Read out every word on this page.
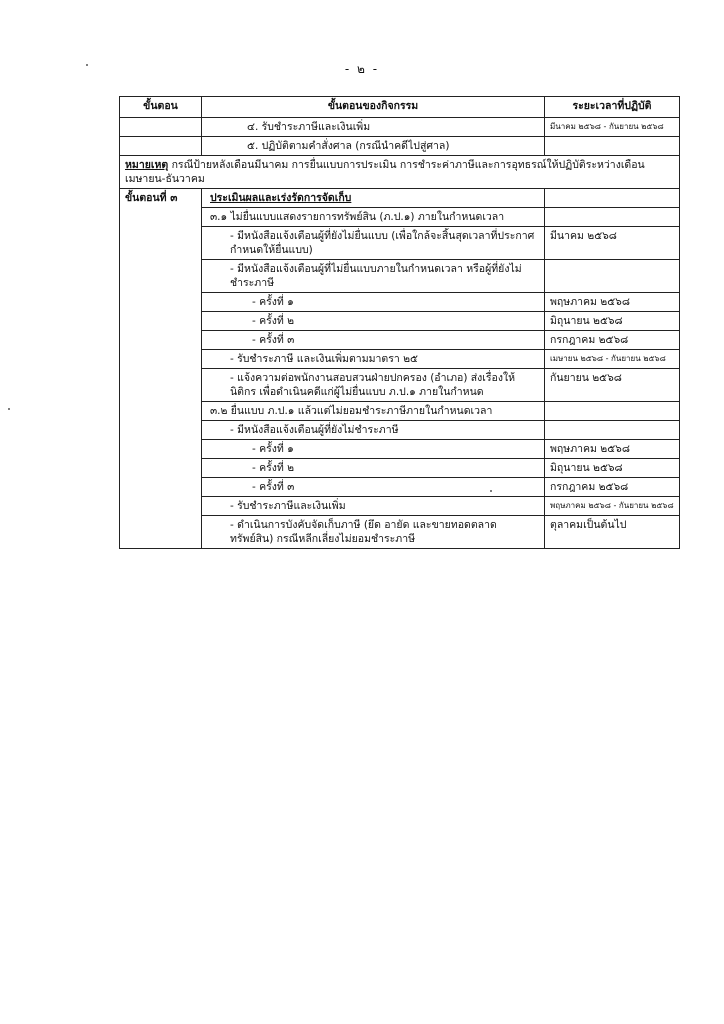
- ๒ -
ขั้นตอน	ขั้นตอนของกิจกรรม	ระยะเวลาที่ปฏิบัติ
	๔. รับชำระภาษีและเงินเพิ่ม	มีนาคม ๒๕๖๘ - กันยายน ๒๕๖๘
	๕. ปฏิบัติตามคำสั่งศาล (กรณีนำคดีไปสู่ศาล)	
หมายเหตุ กรณีป้ายหลังเดือนมีนาคม การยื่นแบบการประเมิน การชำระค่าภาษีและการอุทธรณ์ให้ปฏิบัติระหว่างเดือนเมษายน-ธันวาคม		
ขั้นตอนที่ ๓	ประเมินผลและเร่งรัดการจัดเก็บ	
	๓.๑ ไม่ยื่นแบบแสดงรายการทรัพย์สิน (ภ.ป.๑) ภายในกำหนดเวลา	
	- มีหนังสือแจ้งเตือนผู้ที่ยังไม่ยื่นแบบ (เพื่อใกล้จะสิ้นสุดเวลาที่ประกาศกำหนดให้ยื่นแบบ)	มีนาคม ๒๕๖๘
	- มีหนังสือแจ้งเตือนผู้ที่ไม่ยื่นแบบภายในกำหนดเวลา หรือผู้ที่ยังไม่ชำระภาษี	
	- ครั้งที่ ๑	พฤษภาคม ๒๕๖๘
	- ครั้งที่ ๒	มิถุนายน ๒๕๖๘
	- ครั้งที่ ๓	กรกฎาคม ๒๕๖๘
	- รับชำระภาษี และเงินเพิ่มตามมาตรา ๒๕	เมษายน ๒๕๖๘ - กันยายน ๒๕๖๘
	- แจ้งความต่อพนักงานสอบสวนฝ่ายปกครอง (อำเภอ) ส่งเรื่องให้นิติกร เพื่อดำเนินคดีแก่ผู้ไม่ยื่นแบบ ภ.ป.๑ ภายในกำหนด	กันยายน ๒๕๖๘
	๓.๒ ยื่นแบบ ภ.ป.๑ แล้วแต่ไม่ยอมชำระภาษีภายในกำหนดเวลา	
	- มีหนังสือแจ้งเตือนผู้ที่ยังไม่ชำระภาษี	
	- ครั้งที่ ๑	พฤษภาคม ๒๕๖๘
	- ครั้งที่ ๒	มิถุนายน ๒๕๖๘
	- ครั้งที่ ๓	กรกฎาคม ๒๕๖๘
	- รับชำระภาษีและเงินเพิ่ม	พฤษภาคม ๒๕๖๘ - กันยายน ๒๕๖๘
	- ดำเนินการบังคับจัดเก็บภาษี (ยึด อายัด และขายทอดตลาดทรัพย์สิน) กรณีหลีกเลี่ยงไม่ยอมชำระภาษี	ตุลาคมเป็นต้นไป
